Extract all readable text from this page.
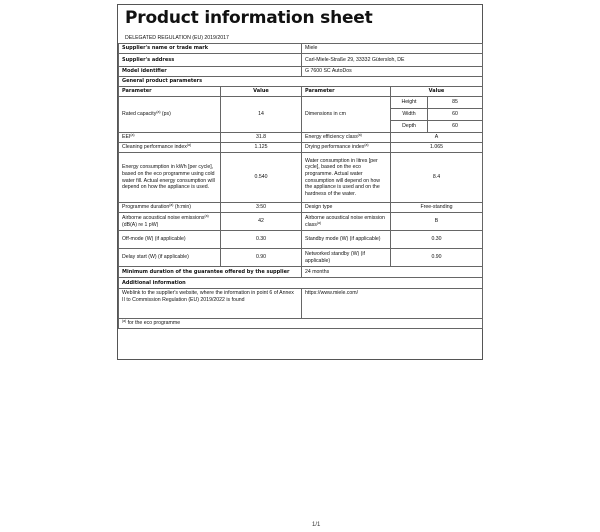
Product information sheet
DELEGATED REGULATION (EU) 2019/2017
Supplier's name or trade mark		Miele		
Supplier's address		Carl-Miele-Straße 29, 33332 Gütersloh, DE		
Model identifier		G 7600 SC AutoDos		
General product parameters				
Parameter	Value	Parameter	Value	
Rated capacity$^{(a)}$ (ps)	14	Dimensions in cm	Height	85
			Width	60
			Depth	60
EEI$^{(a)}$	31.8	Energy efficiency class$^{(a)}$	A	
Cleaning performance index$^{(a)}$	1.125	Drying performance index$^{(a)}$	1.065	
Energy consumption in kWh [per cycle], based on the eco programme using cold water fill. Actual energy consumption will depend on how the appliance is used.	0.540	Water consumption in litres [per cycle], based on the eco programme. Actual water consumption will depend on how the appliance is used and on the hardness of the water.	8.4	
Programme duration$^{(a)}$ (h:min)	3:50	Design type	Free-standing	
Airborne acoustical noise emissions$^{(a)}$ (dB(A) re 1 pW)	42	Airborne acoustical noise emission class$^{(a)}$	B	
Off-mode (W) (if applicable)	0.30	Standby mode (W) (if applicable)	0.30	
Delay start (W) (if applicable)	0.90	Networked standby (W) (if applicable)	0.90	
Minimum duration of the guarantee offered by the supplier		24 months		
Additional information				
Weblink to the supplier's website, where the information in point 6 of Annex II to Commission Regulation (EU) 2019/2022 is found		https://www.miele.com/		
$^{(a)}$ for the eco programme				
1/1
